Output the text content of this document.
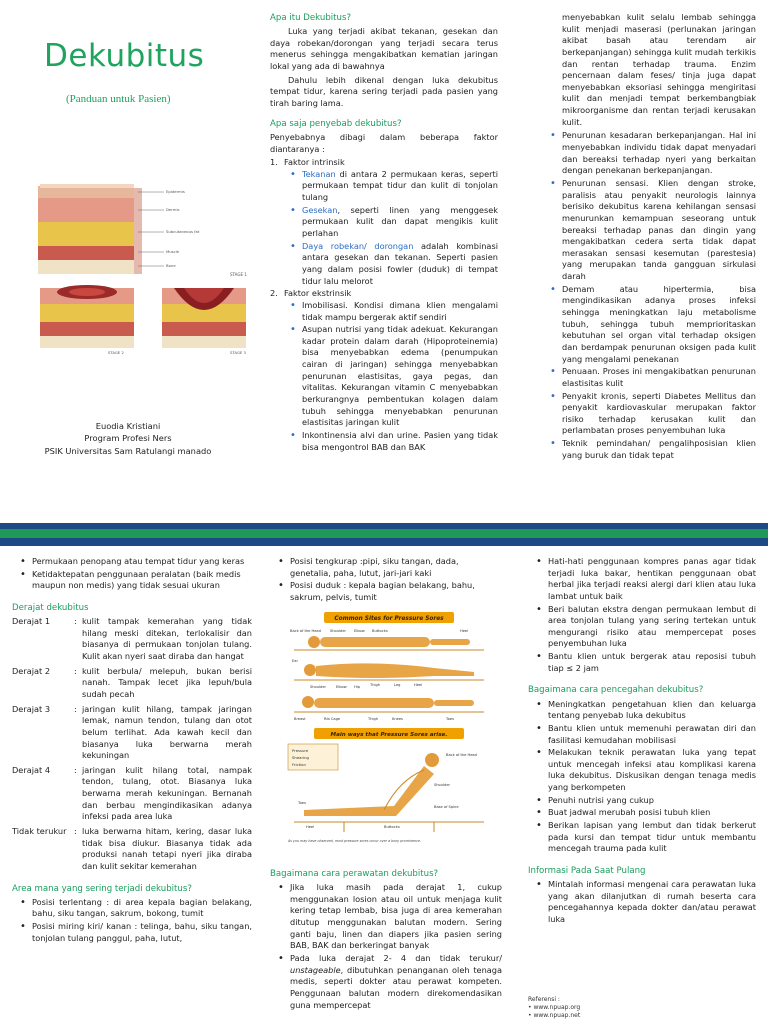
Dekubitus
(Panduan untuk Pasien)
Epidermis
Dermis
Subcutaneous fat
Muscle
Bone
STAGE 1
STAGE 2	STAGE 3
Euodia Kristiani
Program Profesi Ners
PSIK Universitas Sam Ratulangi manado
Apa itu Dekubitus?

Luka yang terjadi akibat tekanan, gesekan dan daya robekan/dorongan yang terjadi secara terus menerus sehingga mengakibatkan kematian jaringan lokal yang ada di bawahnya

Dahulu lebih dikenal dengan luka dekubitus tempat tidur, karena sering terjadi pada pasien yang tirah baring lama.

Apa saja penyebab dekubitus?

Penyebabnya dibagi dalam beberapa faktor diantaranya :

1. Faktor intrinsik
• Tekanan di antara 2 permukaan keras, seperti permukaan tempat tidur dan kulit di tonjolan tulang
• Gesekan, seperti linen yang menggesek permukaan kulit dan dapat mengikis kulit perlahan
• Daya robekan/ dorongan adalah kombinasi antara gesekan dan tekanan. Seperti pasien yang dalam posisi fowler (duduk) di tempat tidur lalu melorot
2. Faktor ekstrinsik
• Imobilisasi. Kondisi dimana klien mengalami tidak mampu bergerak aktif sendiri
• Asupan nutrisi yang tidak adekuat. Kekurangan kadar protein dalam darah (Hipoproteinemia) bisa menyebabkan edema (penumpukan cairan di jaringan) sehingga menyebabkan penurunan elastisitas, gaya pegas, dan vitalitas. Kekurangan vitamin C menyebabkan berkurangnya pembentukan kolagen dalam tubuh sehingga menyebabkan penurunan elastisitas jaringan kulit
• Inkontinensia alvi dan urine. Pasien yang tidak bisa mengontrol BAB dan BAK

menyebabkan kulit selalu lembab sehingga kulit menjadi maserasi (perlunakan jaringan akibat basah atau terendam air berkepanjangan) sehingga kulit mudah terkikis dan rentan terhadap trauma. Enzim pencernaan dalam feses/ tinja juga dapat menyebabkan eksoriasi sehingga mengiritasi kulit dan menjadi tempat berkembangbiak mikroorganisme dan rentan terjadi kerusakan kulit.

• Penurunan kesadaran berkepanjangan. Hal ini menyebabkan individu tidak dapat menyadari dan bereaksi terhadap nyeri yang berkaitan dengan penekanan berkepanjangan.
• Penurunan sensasi. Klien dengan stroke, paralisis atau penyakit neurologis lainnya berisiko dekubitus karena kehilangan sensasi menurunkan kemampuan seseorang untuk bereaksi terhadap panas dan dingin yang mengakibatkan cedera serta tidak dapat merasakan sensasi kesemutan (parestesia) yang merupakan tanda gangguan sirkulasi darah
• Demam atau hipertermia, bisa mengindikasikan adanya proses infeksi sehingga meningkatkan laju metabolisme tubuh, sehingga tubuh memprioritaskan kebutuhan sel organ vital terhadap oksigen dan berdampak penurunan oksigen pada kulit yang mengalami penekanan
• Penuaan. Proses ini mengakibatkan penurunan elastisitas kulit
• Penyakit kronis, seperti Diabetes Mellitus dan penyakit kardiovaskular merupakan faktor risiko terhadap kerusakan kulit dan perlambatan proses penyembuhan luka
• Teknik pemindahan/ pengalihposisian klien yang buruk dan tidak tepat
• Permukaan penopang atau tempat tidur yang keras
• Ketidaktepatan penggunaan peralatan (baik medis maupun non medis) yang tidak sesuai ukuran
Derajat dekubitus
Derajat 1	: kulit tampak kemerahan yang tidak hilang meski ditekan, terlokalisir dan biasanya di permukaan tonjolan tulang. Kulit akan nyeri saat diraba dan hangat
Derajat 2	: kulit berbula/ melepuh, bukan berisi nanah. Tampak lecet jika lepuh/bula sudah pecah
Derajat 3	: jaringan kulit hilang, tampak jaringan lemak, namun tendon, tulang dan otot belum terlihat. Ada kawah kecil dan biasanya luka berwarna merah kekuningan
Derajat 4	: jaringan kulit hilang total, nampak tendon, tulang, otot. Biasanya luka berwarna merah kekuningan. Bernanah dan berbau mengindikasikan adanya infeksi pada area luka
Tidak terukur : luka berwarna hitam, kering, dasar luka tidak bisa diukur. Biasanya tidak ada produksi nanah tetapi nyeri jika diraba dan kulit sekitar kemerahan
Area mana yang sering terjadi dekubitus?
• Posisi terlentang : di area kepala bagian belakang, bahu, siku tangan, sakrum, bokong, tumit
• Posisi miring kiri/ kanan : telinga, bahu, siku tangan, tonjolan tulang panggul, paha, lutut,
• Posisi tengkurap :pipi, siku tangan, dada, genetalia, paha, lutut, jari-jari kaki
• Posisi duduk : kepala bagian belakang, bahu, sakrum, pelvis, tumit
Common Sites for Pressure Sores
Back of the Head	Shoulder Elbow Buttocks	Heel
Ear
Shoulder	Elbow Hip	Thigh	Leg	Heel
Breast	Rib Cage	Thigh	Knees	Toes
Main ways that Pressure Sores arise.
Pressure
Shearing
Friction
Back of the Head
Shoulder
Base of Spine
Toes
Heel	Buttocks
As you may have observed, most pressure sores occur over a bony prominence.
Bagaimana cara perawatan dekubitus?
• Jika luka masih pada derajat 1, cukup menggunakan losion atau oil untuk menjaga kulit kering tetap lembab, bisa juga di area kemerahan ditutup menggunakan balutan modern. Sering ganti baju, linen dan diapers jika pasien sering BAB, BAK dan berkeringat banyak
• Pada luka derajat 2- 4 dan tidak terukur/ unstageable, dibutuhkan penanganan oleh tenaga medis, seperti dokter atau perawat kompeten. Penggunaan balutan modern direkomendasikan guna mempercepat
• Hati-hati penggunaan kompres panas agar tidak terjadi luka bakar, hentikan penggunaan obat herbal jika terjadi reaksi alergi dari klien atau luka lambat untuk baik
• Beri balutan ekstra dengan permukaan lembut di area tonjolan tulang yang sering tertekan untuk mengurangi risiko atau mempercepat poses penyembuhan luka
• Bantu klien untuk bergerak atau reposisi tubuh tiap ≤ 2 jam
Bagaimana cara pencegahan dekubitus?
• Meningkatkan pengetahuan klien dan keluarga tentang penyebab luka dekubitus
• Bantu klien untuk memenuhi perawatan diri dan fasilitasi kemudahan mobilisasi
• Melakukan teknik perawatan luka yang tepat untuk mencegah infeksi atau komplikasi karena luka dekubitus. Diskusikan dengan tenaga medis yang berkompeten
• Penuhi nutrisi yang cukup
• Buat jadwal merubah posisi tubuh klien
• Berikan lapisan yang lembut dan tidak berkerut pada kursi dan tempat tidur untuk membantu mencegah trauma pada kulit
Informasi Pada Saat Pulang
• Mintalah informasi mengenai cara perawatan luka yang akan dilanjutkan di rumah beserta cara pencegahannya kepada dokter dan/atau perawat luka
Referensi :
• www.npuap.org
• www.npuap.net
